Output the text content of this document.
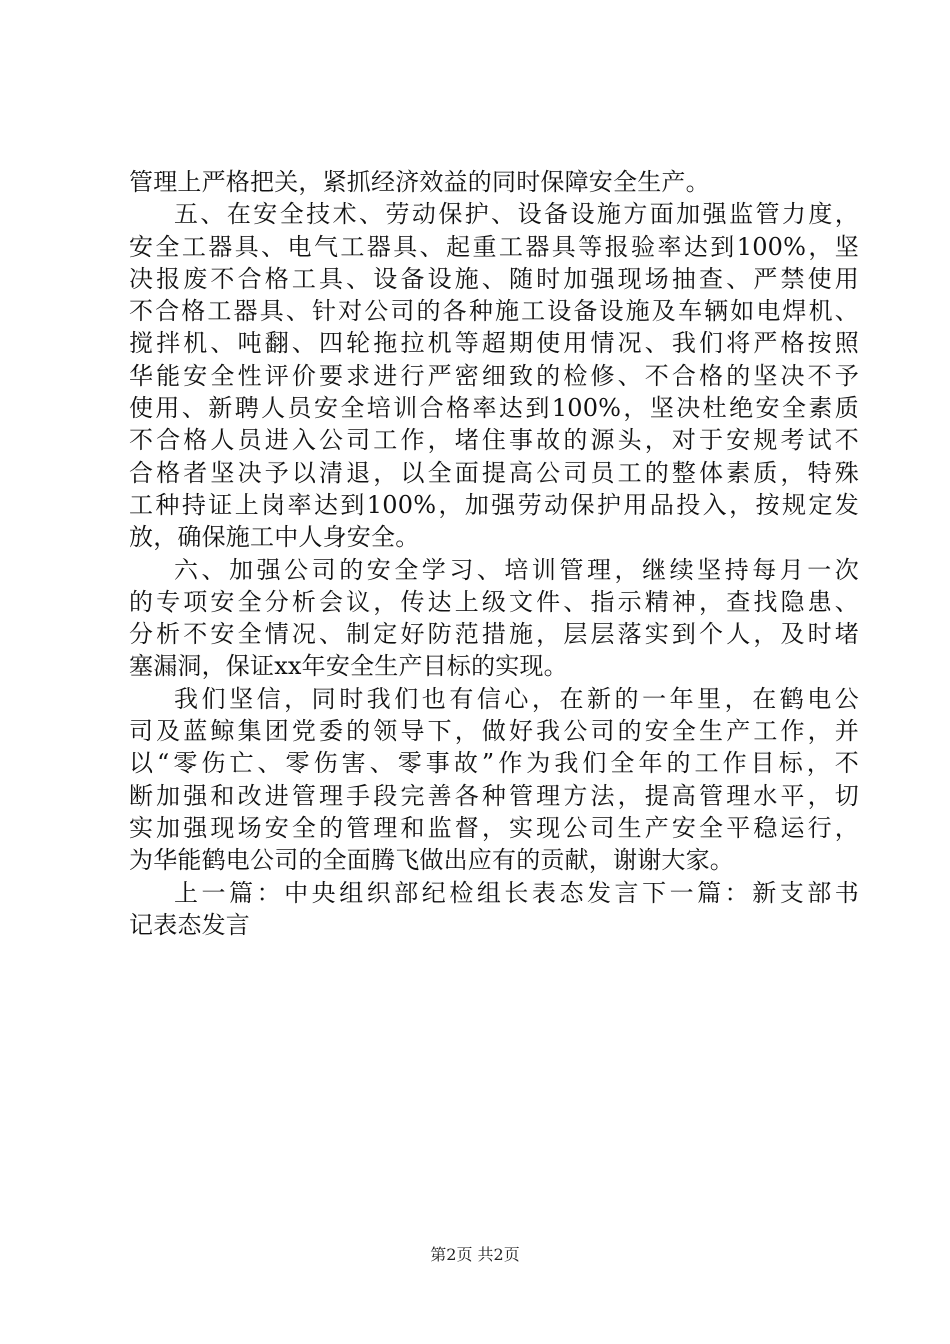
管理上严格把关，紧抓经济效益的同时保障安全生产。
五、在安全技术、劳动保护、设备设施方面加强监管力度，
安全工器具、电气工器具、起重工器具等报验率达到100%，坚
决报废不合格工具、设备设施、随时加强现场抽查、严禁使用
不合格工器具、针对公司的各种施工设备设施及车辆如电焊机、
搅拌机、吨翻、四轮拖拉机等超期使用情况、我们将严格按照
华能安全性评价要求进行严密细致的检修、不合格的坚决不予
使用、新聘人员安全培训合格率达到100%，坚决杜绝安全素质
不合格人员进入公司工作，堵住事故的源头，对于安规考试不
合格者坚决予以清退，以全面提高公司员工的整体素质，特殊
工种持证上岗率达到100%，加强劳动保护用品投入，按规定发
放，确保施工中人身安全。
六、加强公司的安全学习、培训管理，继续坚持每月一次
的专项安全分析会议，传达上级文件、指示精神，查找隐患、
分析不安全情况、制定好防范措施，层层落实到个人，及时堵
塞漏洞，保证xx年安全生产目标的实现。
我们坚信，同时我们也有信心，在新的一年里，在鹤电公
司及蓝鲸集团党委的领导下，做好我公司的安全生产工作，并
以“零伤亡、零伤害、零事故”作为我们全年的工作目标，不
断加强和改进管理手段完善各种管理方法，提高管理水平，切
实加强现场安全的管理和监督，实现公司生产安全平稳运行，
为华能鹤电公司的全面腾飞做出应有的贡献，谢谢大家。
上一篇：中央组织部纪检组长表态发言下一篇：新支部书
记表态发言
第2页 共2页
